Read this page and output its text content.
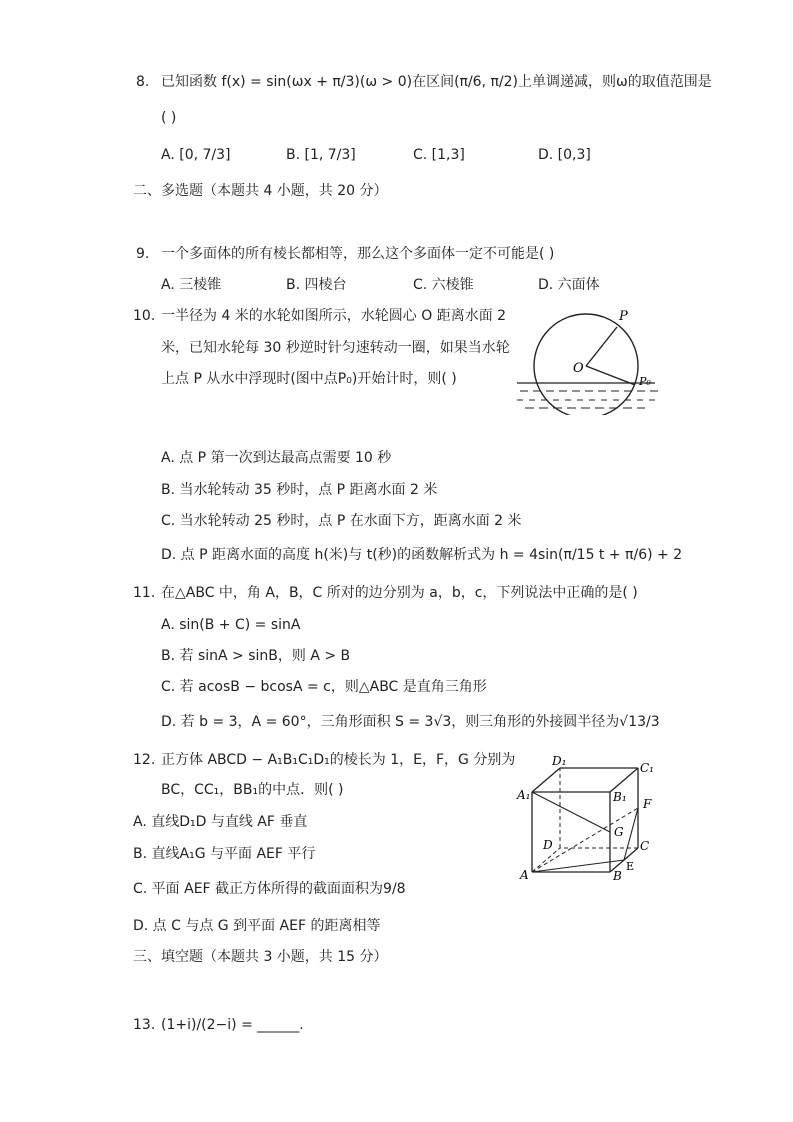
8. 已知函数 f(x) = sin(ωx + π/3)(ω > 0)在区间(π/6, π/2)上单调递减，则ω的取值范围是
( )
A. [0, 7/3]	B. [1, 7/3]	C. [1,3]	D. [0,3]
二、多选题（本题共 4 小题，共 20 分）
9. 一个多面体的所有棱长都相等，那么这个多面体一定不可能是( )
A. 三棱锥	B. 四棱台	C. 六棱锥	D. 六面体
10. 一半径为 4 米的水轮如图所示，水轮圆心 O 距离水面 2
米，已知水轮每 30 秒逆时针匀速转动一圈，如果当水轮
上点 P 从水中浮现时(图中点P₀)开始计时，则( )
P
O
P₀
A. 点 P 第一次到达最高点需要 10 秒
B. 当水轮转动 35 秒时，点 P 距离水面 2 米
C. 当水轮转动 25 秒时，点 P 在水面下方，距离水面 2 米
D. 点 P 距离水面的高度 h(米)与 t(秒)的函数解析式为 h = 4sin(π/15 t + π/6) + 2
11. 在△ABC 中，角 A，B，C 所对的边分别为 a，b，c，下列说法中正确的是( )
A. sin(B + C) = sinA
B. 若 sinA > sinB，则 A > B
C. 若 acosB − bcosA = c，则△ABC 是直角三角形
D. 若 b = 3，A = 60°，三角形面积 S = 3√3，则三角形的外接圆半径为√13/3
12. 正方体 ABCD − A₁B₁C₁D₁的棱长为 1，E，F，G 分别为
BC，CC₁，BB₁的中点．则( )
D₁	C₁
A₁	B₁ F
G
D	C
A	B
E
A. 直线D₁D 与直线 AF 垂直
B. 直线A₁G 与平面 AEF 平行
C. 平面 AEF 截正方体所得的截面面积为9/8
D. 点 C 与点 G 到平面 AEF 的距离相等
三、填空题（本题共 3 小题，共 15 分）
13. (1+i)/(2−i) = ______.
